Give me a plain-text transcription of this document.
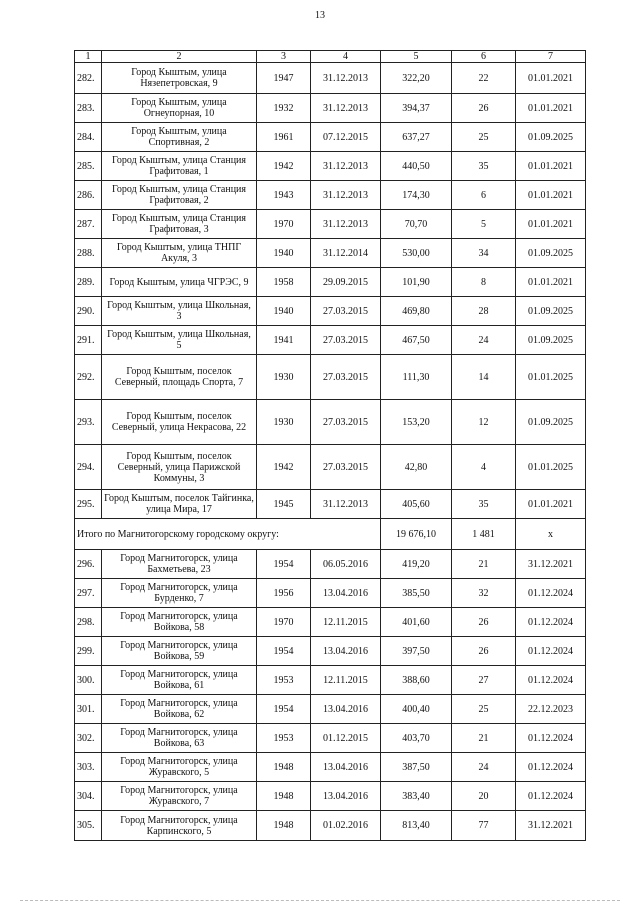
13
1	2	3	4	5	6	7
282.	Город Кыштым, улица Нязепетровская, 9	1947	31.12.2013	322,20	22	01.01.2021
283.	Город Кыштым, улица Огнеупорная, 10	1932	31.12.2013	394,37	26	01.01.2021
284.	Город Кыштым, улица Спортивная, 2	1961	07.12.2015	637,27	25	01.09.2025
285.	Город Кыштым, улица Станция Графитовая, 1	1942	31.12.2013	440,50	35	01.01.2021
286.	Город Кыштым, улица Станция Графитовая, 2	1943	31.12.2013	174,30	6	01.01.2021
287.	Город Кыштым, улица Станция Графитовая, 3	1970	31.12.2013	70,70	5	01.01.2021
288.	Город Кыштым, улица ТНПГ Акуля, 3	1940	31.12.2014	530,00	34	01.09.2025
289.	Город Кыштым, улица ЧГРЭС, 9	1958	29.09.2015	101,90	8	01.01.2021
290.	Город Кыштым, улица Школьная, 3	1940	27.03.2015	469,80	28	01.09.2025
291.	Город Кыштым, улица Школьная, 5	1941	27.03.2015	467,50	24	01.09.2025
292.	Город Кыштым, поселок Северный, площадь Спорта, 7	1930	27.03.2015	111,30	14	01.01.2025
293.	Город Кыштым, поселок Северный, улица Некрасова, 22	1930	27.03.2015	153,20	12	01.09.2025
294.	Город Кыштым, поселок Северный, улица Парижской Коммуны, 3	1942	27.03.2015	42,80	4	01.01.2025
295.	Город Кыштым, поселок Тайгинка, улица Мира, 17	1945	31.12.2013	405,60	35	01.01.2021
Итого по Магнитогорскому городскому округу:				19 676,10	1 481	х
296.	Город Магнитогорск, улица Бахметьева, 23	1954	06.05.2016	419,20	21	31.12.2021
297.	Город Магнитогорск, улица Бурденко, 7	1956	13.04.2016	385,50	32	01.12.2024
298.	Город Магнитогорск, улица Войкова, 58	1970	12.11.2015	401,60	26	01.12.2024
299.	Город Магнитогорск, улица Войкова, 59	1954	13.04.2016	397,50	26	01.12.2024
300.	Город Магнитогорск, улица Войкова, 61	1953	12.11.2015	388,60	27	01.12.2024
301.	Город Магнитогорск, улица Войкова, 62	1954	13.04.2016	400,40	25	22.12.2023
302.	Город Магнитогорск, улица Войкова, 63	1953	01.12.2015	403,70	21	01.12.2024
303.	Город Магнитогорск, улица Журавского, 5	1948	13.04.2016	387,50	24	01.12.2024
304.	Город Магнитогорск, улица Журавского, 7	1948	13.04.2016	383,40	20	01.12.2024
305.	Город Магнитогорск, улица Карпинского, 5	1948	01.02.2016	813,40	77	31.12.2021
